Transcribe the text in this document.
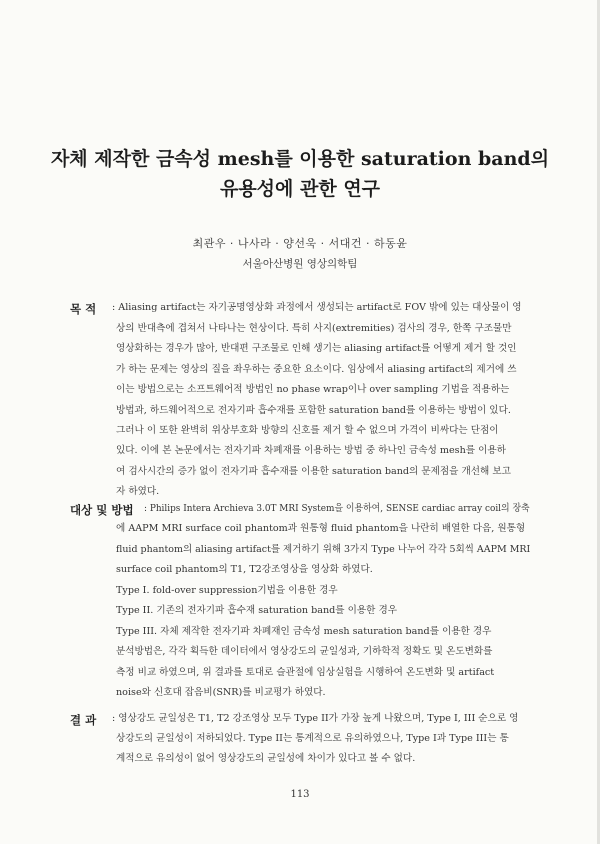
자체 제작한 금속성 mesh를 이용한 saturation band의
유용성에 관한 연구
최관우 · 나사라 · 양선욱 · 서대건 · 하동윤
서울아산병원 영상의학팀
목 적 : Aliasing artifact는 자기공명영상화 과정에서 생성되는 artifact로 FOV 밖에 있는 대상물이 영
상의 반대측에 겹쳐서 나타나는 현상이다. 특히 사지(extremities) 검사의 경우, 한쪽 구조물만
영상화하는 경우가 많아, 반대편 구조물로 인해 생기는 aliasing artifact를 어떻게 제거 할 것인
가 하는 문제는 영상의 질을 좌우하는 중요한 요소이다. 임상에서 aliasing artifact의 제거에 쓰
이는 방법으로는 소프트웨어적 방법인 no phase wrap이나 over sampling 기법을 적용하는
방법과, 하드웨어적으로 전자기파 흡수재를 포함한 saturation band를 이용하는 방법이 있다.
그러나 이 또한 완벽히 위상부호화 방향의 신호를 제거 할 수 없으며 가격이 비싸다는 단점이
있다. 이에 본 논문에서는 전자기파 차폐재를 이용하는 방법 중 하나인 금속성 mesh를 이용하
여 검사시간의 증가 없이 전자기파 흡수재를 이용한 saturation band의 문제점을 개선해 보고
자 하였다.
대상 및 방법 : Philips Intera Archieva 3.0T MRI System을 이용하여, SENSE cardiac array coil의 장축
에 AAPM MRI surface coil phantom과 원통형 fluid phantom을 나란히 배열한 다음, 원통형
fluid phantom의 aliasing artifact를 제거하기 위해 3가지 Type 나누어 각각 5회씩 AAPM MRI
surface coil phantom의 T1, T2강조영상을 영상화 하였다.
Type I. fold-over suppression기법을 이용한 경우
Type II. 기존의 전자기파 흡수재 saturation band를 이용한 경우
Type III. 자체 제작한 전자기파 차폐재인 금속성 mesh saturation band를 이용한 경우
분석방법은, 각각 획득한 데이터에서 영상강도의 균일성과, 기하학적 정확도 및 온도변화를
측정 비교 하였으며, 위 결과를 토대로 슬관절에 임상실험을 시행하여 온도변화 및 artifact
noise와 신호대 잡음비(SNR)를 비교평가 하였다.
결 과 : 영상강도 균일성은 T1, T2 강조영상 모두 Type II가 가장 높게 나왔으며, Type I, III 순으로 영
상강도의 균일성이 저하되었다. Type II는 통계적으로 유의하였으나, Type I과 Type III는 통
계적으로 유의성이 없어 영상강도의 균일성에 차이가 있다고 볼 수 없다.
113
